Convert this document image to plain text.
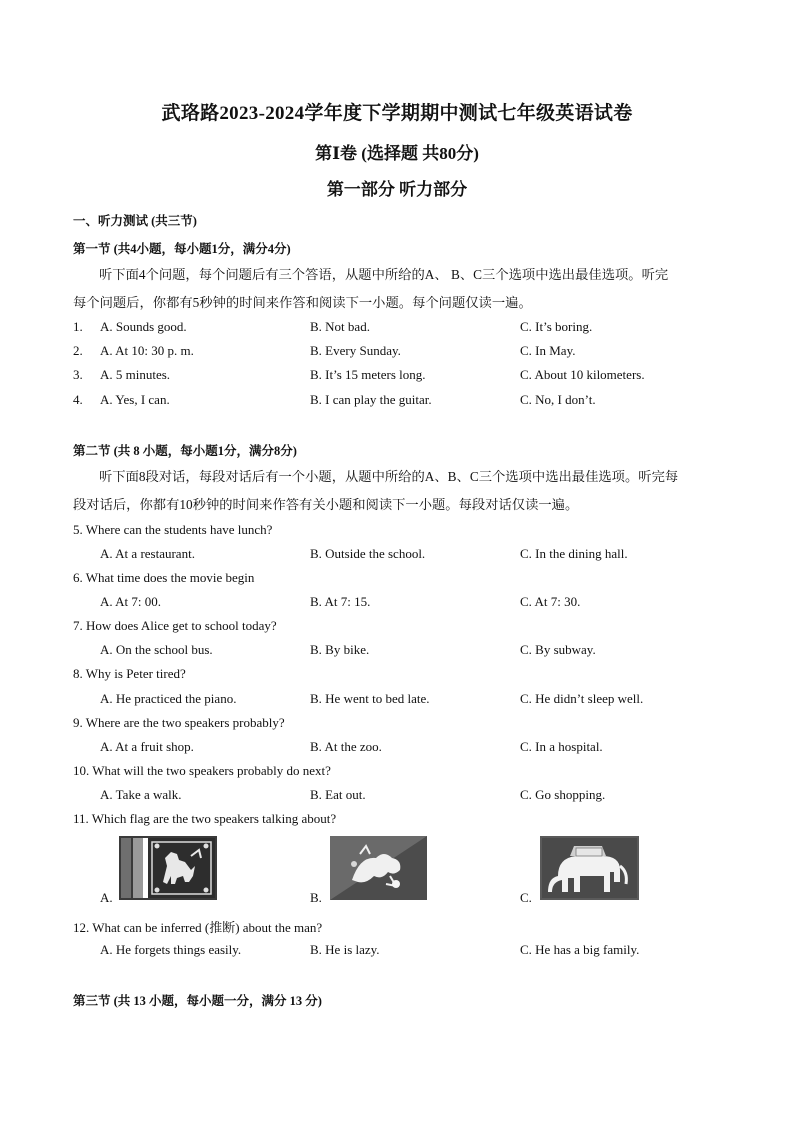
武珞路2023-2024学年度下学期期中测试七年级英语试卷
第Ⅰ卷 (选择题 共80分)
第一部分 听力部分
一、听力测试 (共三节)
第一节 (共4小题，每小题1分，满分4分)
听下面4个问题，每个问题后有三个答语，从题中所给的A、 B、C三个选项中选出最佳选项。听完
每个问题后，你都有5秒钟的时间来作答和阅读下一小题。每个问题仅读一遍。
1. A. Sounds good.	B. Not bad.	C. It’s boring.
2. A. At 10: 30 p. m.	B. Every Sunday.	C. In May.
3. A. 5 minutes.	B. It’s 15 meters long.	C. About 10 kilometers.
4. A. Yes, I can.	B. I can play the guitar.	C. No, I don’t.
第二节 (共 8 小题，每小题1分，满分8分)
听下面8段对话，每段对话后有一个小题，从题中所给的A、B、C三个选项中选出最佳选项。听完每
段对话后，你都有10秒钟的时间来作答有关小题和阅读下一小题。每段对话仅读一遍。
5. Where can the students have lunch?
A. At a restaurant.	B. Outside the school.	C. In the dining hall.
6. What time does the movie begin
A. At 7: 00.	B. At 7: 15.	C. At 7: 30.
7. How does Alice get to school today?
A. On the school bus.	B. By bike.	C. By subway.
8. Why is Peter tired?
A. He practiced the piano.	B. He went to bed late.	C. He didn’t sleep well.
9. Where are the two speakers probably?
A. At a fruit shop.	B. At the zoo.	C. In a hospital.
10. What will the two speakers probably do next?
A. Take a walk.	B. Eat out.	C. Go shopping.
11. Which flag are the two speakers talking about?
A.	B.	C.
12. What can be inferred (推断) about the man?
A. He forgets things easily.	B. He is lazy.	C. He has a big family.
第三节 (共 13 小题，每小题一分，满分 13 分)
